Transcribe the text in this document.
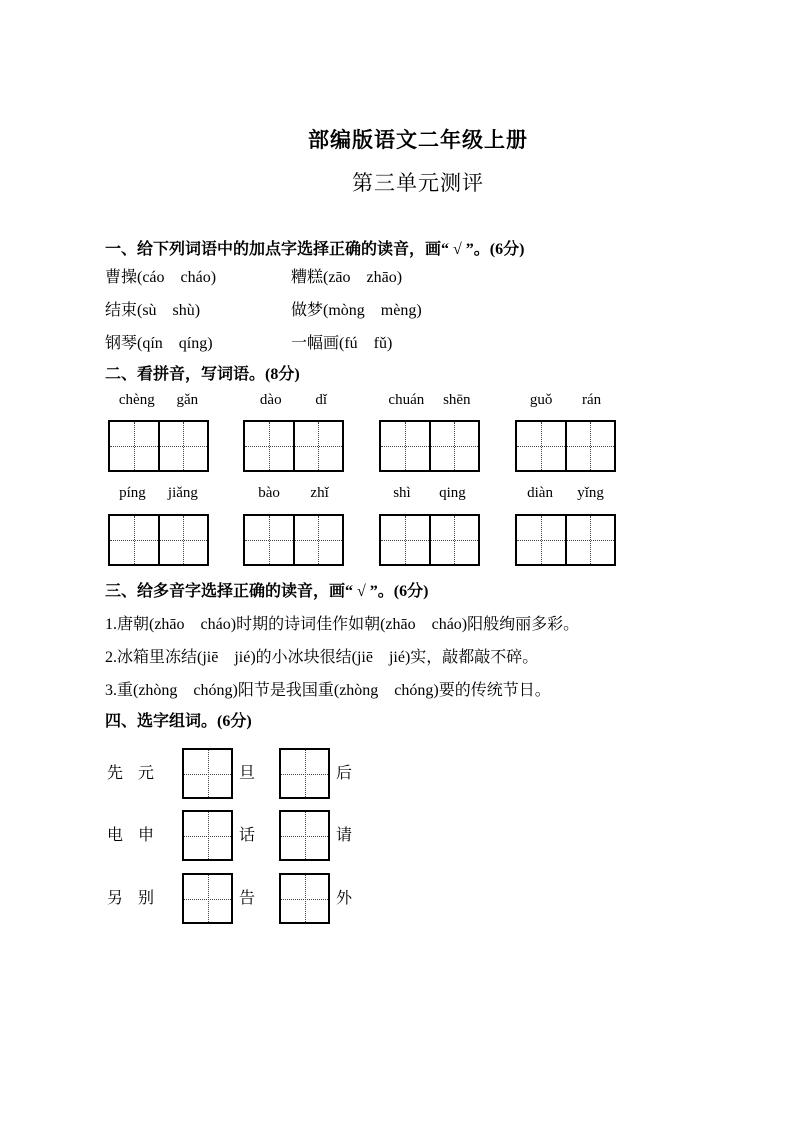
部编版语文二年级上册
第三单元测评
一、给下列词语中的加点字选择正确的读音，画“ √ ”。(6分)
曹操(cáo　cháo)	糟糕(zāo　zhāo)
结束(sù　shù)	做梦(mòng　mèng)
钢琴(qín　qíng)	一幅画(fú　fǔ)
二、看拼音，写词语。(8分)
chèng gǎn	dào dǐ	chuán shēn	guǒ rán
píng jiǎng	bào zhǐ	shì qing	diàn yǐng
三、给多音字选择正确的读音，画“ √ ”。(6分)
1.唐朝(zhāo　cháo)时期的诗词佳作如朝(zhāo　cháo)阳般绚丽多彩。
2.冰箱里冻结(jiē　jié)的小冰块很结(jiē　jié)实，敲都敲不碎。
3.重(zhòng　chóng)阳节是我国重(zhòng　chóng)要的传统节日。
四、选字组词。(6分)
先 元	旦	后
电 申	话	请
另 别	告	外
